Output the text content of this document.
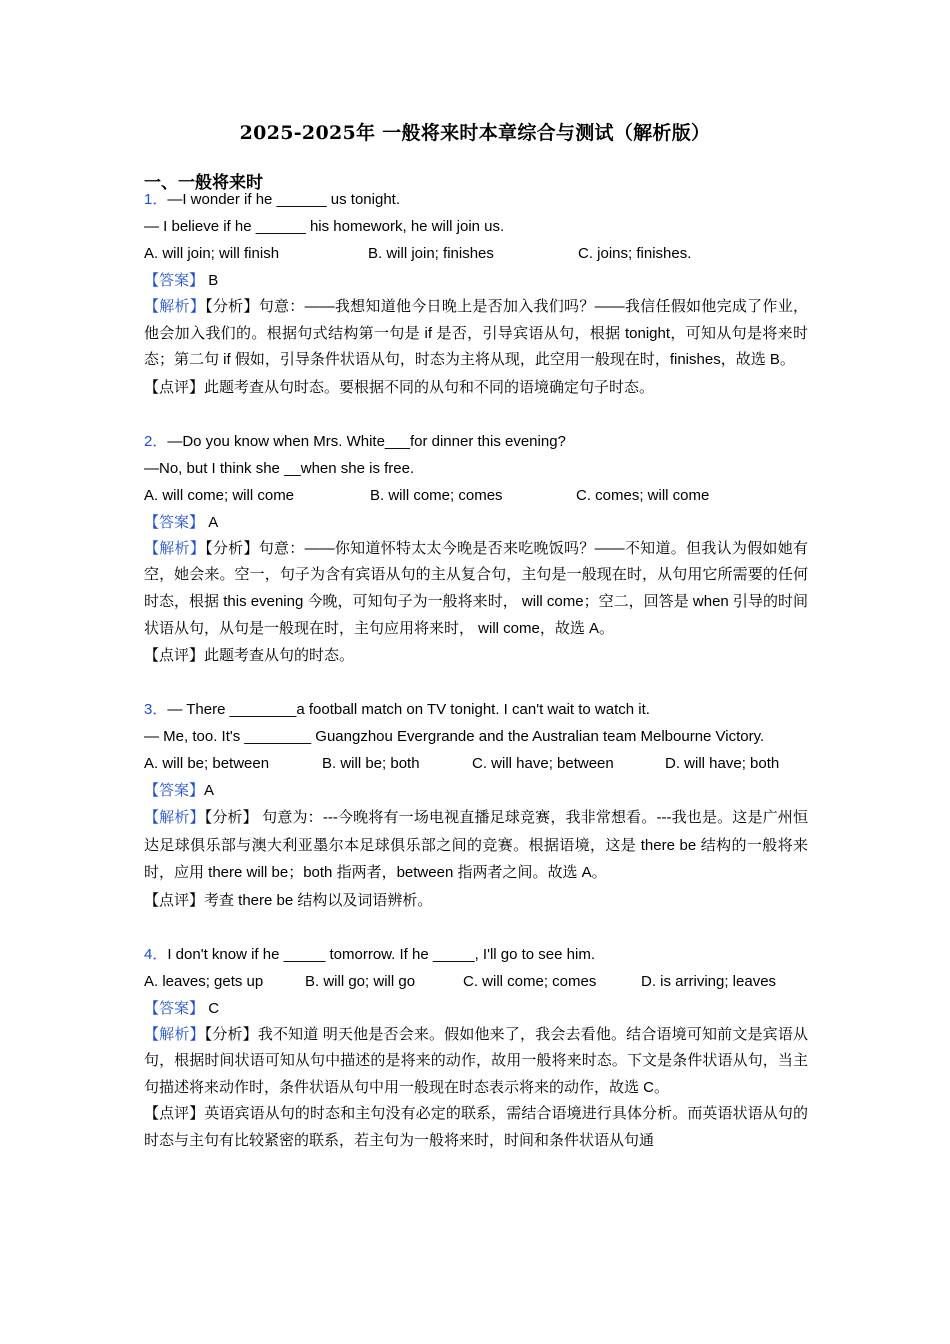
2025-2025年 一般将来时本章综合与测试（解析版）
一、一般将来时
1．—I wonder if he ______ us tonight.
— I believe if he ______ his homework, he will join us.
A. will join; will finish	B. will join; finishes	C. joins; finishes.
【答案】 B
【解析】【分析】句意：——我想知道他今日晚上是否加入我们吗？——我信任假如他完成了作业，他会加入我们的。根据句式结构第一句是 if 是否，引导宾语从句，根据 tonight，可知从句是将来时态；第二句 if 假如，引导条件状语从句，时态为主将从现，此空用一般现在时，finishes，故选 B。
【点评】此题考查从句时态。要根据不同的从句和不同的语境确定句子时态。
2．—Do you know when Mrs. White___for dinner this evening?
—No, but I think she __when she is free.
A. will come; will come	B. will come; comes	C. comes; will come
【答案】 A
【解析】【分析】句意：——你知道怀特太太今晚是否来吃晚饭吗？——不知道。但我认为假如她有空，她会来。空一，句子为含有宾语从句的主从复合句，主句是一般现在时，从句用它所需要的任何时态，根据 this evening 今晚，可知句子为一般将来时， will come；空二，回答是 when 引导的时间状语从句，从句是一般现在时，主句应用将来时， will come，故选 A。
【点评】此题考查从句的时态。
3．— There ________a football match on TV tonight. I can't wait to watch it.
— Me, too. It's ________ Guangzhou Evergrande and the Australian team Melbourne Victory.
A. will be; between	B. will be; both	C. will have; between	D. will have; both
【答案】A
【解析】【分析】 句意为：---今晚将有一场电视直播足球竞赛，我非常想看。---我也是。这是广州恒达足球俱乐部与澳大利亚墨尔本足球俱乐部之间的竞赛。根据语境，这是 there be 结构的一般将来时，应用 there will be；both 指两者，between 指两者之间。故选 A。
【点评】考查 there be 结构以及词语辨析。
4．I don't know if he _____ tomorrow. If he _____, I'll go to see him.
A. leaves; gets up	B. will go; will go	C. will come; comes	D. is arriving; leaves
【答案】 C
【解析】【分析】我不知道 明天他是否会来。假如他来了，我会去看他。结合语境可知前文是宾语从句，根据时间状语可知从句中描述的是将来的动作，故用一般将来时态。下文是条件状语从句，当主句描述将来动作时，条件状语从句中用一般现在时态表示将来的动作，故选 C。
【点评】英语宾语从句的时态和主句没有必定的联系，需结合语境进行具体分析。而英语状语从句的时态与主句有比较紧密的联系，若主句为一般将来时，时间和条件状语从句通
